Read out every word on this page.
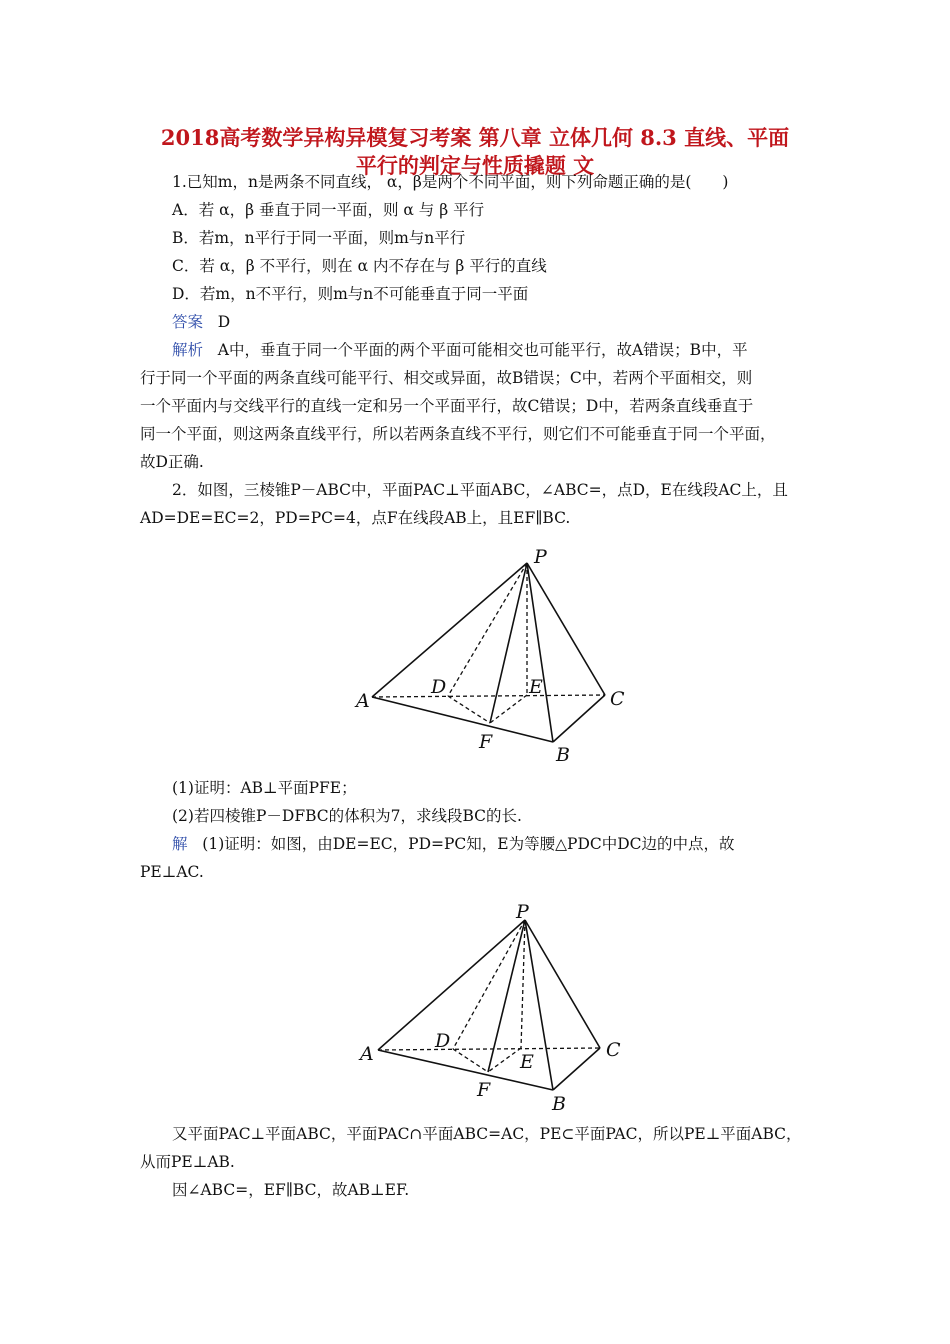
2018高考数学异构异模复习考案 第八章 立体几何 8.3 直线、平面
平行的判定与性质撬题 文
1.已知m，n是两条不同直线， α，β是两个不同平面，则下列命题正确的是(　　)
A．若 α，β 垂直于同一平面，则 α 与 β 平行
B．若m，n平行于同一平面，则m与n平行
C．若 α，β 不平行，则在 α 内不存在与 β 平行的直线
D．若m，n不平行，则m与n不可能垂直于同一平面
答案 D
解析 A中，垂直于同一个平面的两个平面可能相交也可能平行，故A错误；B中，平
行于同一个平面的两条直线可能平行、相交或异面，故B错误；C中，若两个平面相交，则
一个平面内与交线平行的直线一定和另一个平面平行，故C错误；D中，若两条直线垂直于
同一个平面，则这两条直线平行，所以若两条直线不平行，则它们不可能垂直于同一个平面，
故D正确.
2．如图，三棱锥P－ABC中，平面PAC⊥平面ABC，∠ABC=，点D，E在线段AC上，且
AD=DE=EC=2，PD=PC=4，点F在线段AB上，且EF∥BC.
P
A
B
C
D	E
F
(1)证明：AB⊥平面PFE；
(2)若四棱锥P－DFBC的体积为7，求线段BC的长.
解 (1)证明：如图，由DE=EC，PD=PC知，E为等腰△PDC中DC边的中点，故
PE⊥AC.
P
A
B
C
D
E
F
又平面PAC⊥平面ABC，平面PAC∩平面ABC=AC，PE⊂平面PAC，所以PE⊥平面ABC，
从而PE⊥AB.
因∠ABC=，EF∥BC，故AB⊥EF.
